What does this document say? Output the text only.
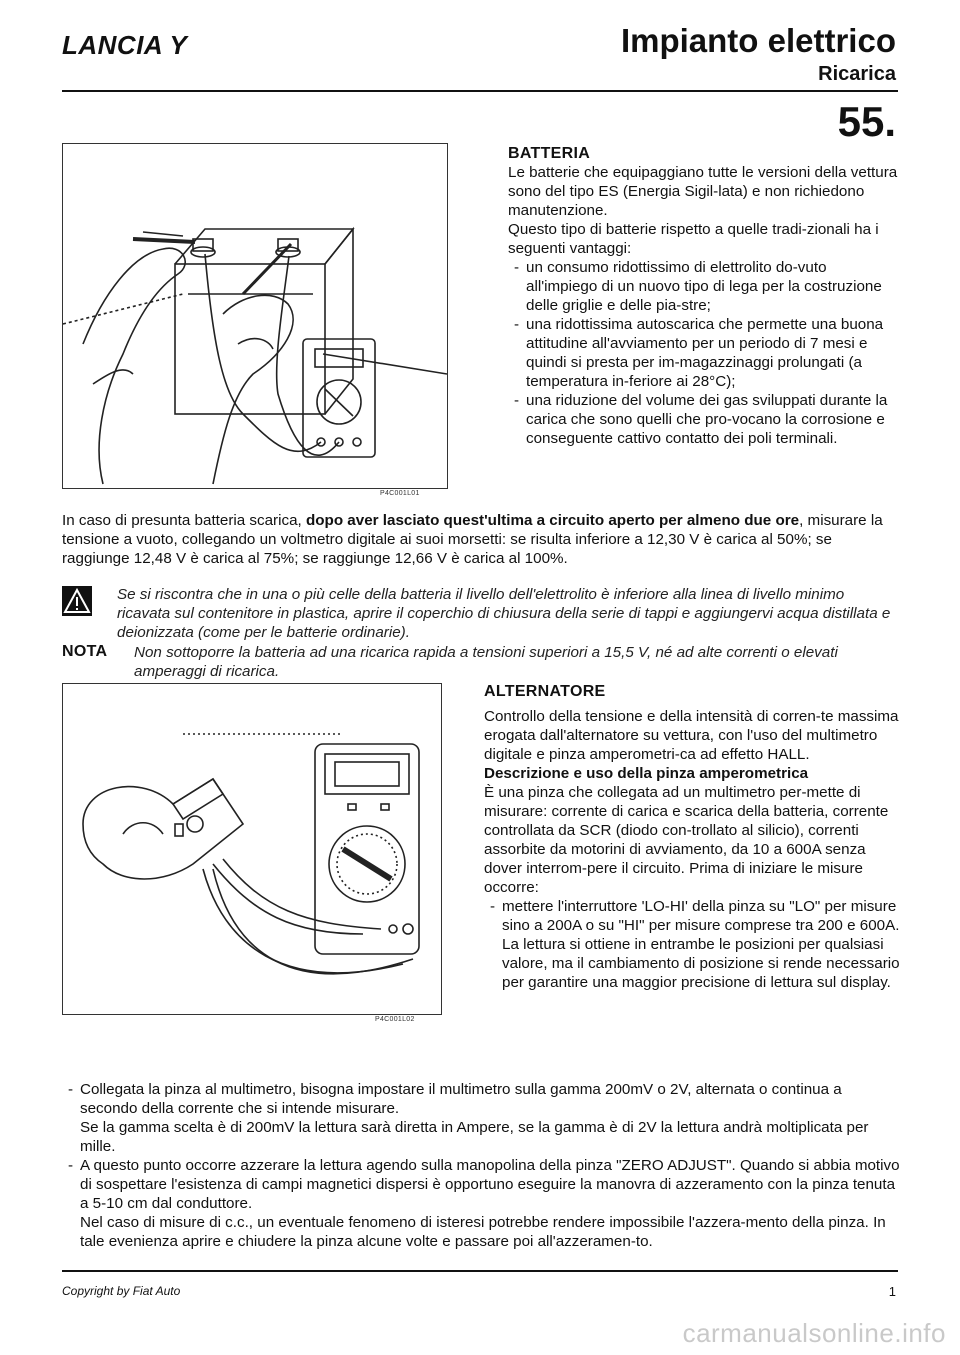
LANCIA Y	Impianto elettrico
Ricarica
55.
P4C001L01
BATTERIA
Le batterie che equipaggiano tutte le versioni della vettura sono del tipo ES (Energia Sigil-lata) e non richiedono manutenzione.
Questo tipo di batterie rispetto a quelle tradi-zionali ha i seguenti vantaggi:
- un consumo ridottissimo di elettrolito do-vuto all'impiego di un nuovo tipo di lega per la costruzione delle griglie e delle pia-stre;
- una ridottissima autoscarica che permette una buona attitudine all'avviamento per un periodo di 7 mesi e quindi si presta per im-magazzinaggi prolungati (a temperatura in-feriore ai 28°C);
- una riduzione del volume dei gas sviluppati durante la carica che sono quelli che pro-vocano la corrosione e conseguente cattivo contatto dei poli terminali.
In caso di presunta batteria scarica, dopo aver lasciato quest'ultima a circuito aperto per almeno due ore, misurare la tensione a vuoto, collegando un voltmetro digitale ai suoi morsetti: se risulta inferiore a 12,30 V è carica al 50%; se raggiunge 12,48 V è carica al 75%; se raggiunge 12,66 V è carica al 100%.
Se si riscontra che in una o più celle della batteria il livello dell'elettrolito è inferiore alla linea di livello minimo ricavata sul contenitore in plastica, aprire il coperchio di chiusura della serie di tappi e aggiungervi acqua distillata e deionizzata (come per le batterie ordinarie).
NOTA Non sottoporre la batteria ad una ricarica rapida a tensioni superiori a 15,5 V, né ad alte correnti o elevati amperaggi di ricarica.
P4C001L02
ALTERNATORE
Controllo della tensione e della intensità di corren-te massima erogata dall'alternatore su vettura, con l'uso del multimetro digitale e pinza amperometri-ca ad effetto HALL.
Descrizione e uso della pinza amperometrica
È una pinza che collegata ad un multimetro per-mette di misurare: corrente di carica e scarica della batteria, corrente controllata da SCR (diodo con-trollato al silicio), correnti assorbite da motorini di avviamento, da 10 a 600A senza dover interrom-pere il circuito. Prima di iniziare le misure occorre:
- mettere l'interruttore 'LO-HI' della pinza su "LO" per misure sino a 200A o su "HI" per misure comprese tra 200 e 600A.
La lettura si ottiene in entrambe le posizioni per qualsiasi valore, ma il cambiamento di posizione si rende necessario per garantire una maggior precisione di lettura sul display.
- Collegata la pinza al multimetro, bisogna impostare il multimetro sulla gamma 200mV o 2V, alternata o continua a secondo della corrente che si intende misurare.
Se la gamma scelta è di 200mV la lettura sarà diretta in Ampere, se la gamma è di 2V la lettura andrà moltiplicata per mille.
- A questo punto occorre azzerare la lettura agendo sulla manopolina della pinza "ZERO ADJUST". Quando si abbia motivo di sospettare l'esistenza di campi magnetici dispersi è opportuno eseguire la manovra di azzeramento con la pinza tenuta a 5-10 cm dal conduttore.
Nel caso di misure di c.c., un eventuale fenomeno di isteresi potrebbe rendere impossibile l'azzera-mento della pinza. In tale evenienza aprire e chiudere la pinza alcune volte e passare poi all'azzeramen-to.
Copyright by Fiat Auto	1
carmanualsonline.info
